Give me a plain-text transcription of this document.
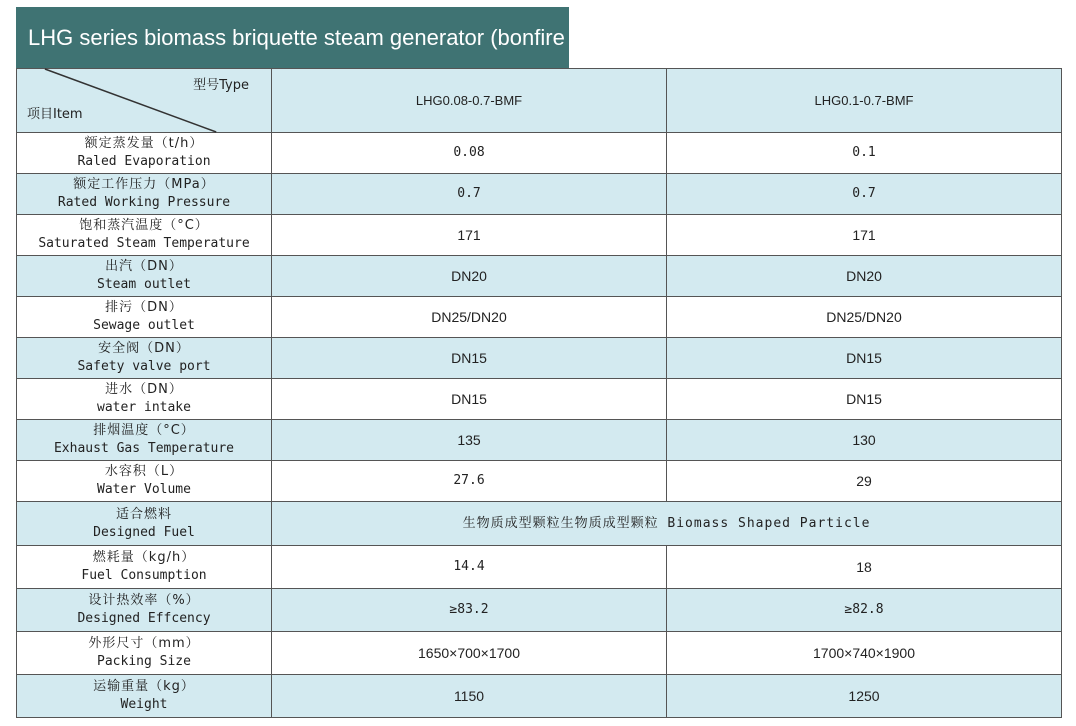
LHG series biomass briquette steam generator (bonfire model)
型号Type
项目Item	LHG0.08-0.7-BMF	LHG0.1-0.7-BMF

额定蒸发量（t/h）
Raled Evaporation	0.08	0.1

额定工作压力（MPa）
Rated Working Pressure	0.7	0.7

饱和蒸汽温度（°C）
Saturated Steam Temperature	171	171

出汽（DN）
Steam outlet	DN20	DN20

排污（DN）
Sewage outlet	DN25/DN20	DN25/DN20

安全阀（DN）
Safety valve port	DN15	DN15

进水（DN）
water intake	DN15	DN15

排烟温度（°C）
Exhaust Gas Temperature	135	130

水容积（L）
Water Volume	27.6	29

适合燃料
Designed Fuel	生物质成型颗粒生物质成型颗粒 Biomass Shaped Particle	

燃耗量（kg/h）
Fuel Consumption	14.4	18

设计热效率（%）
Designed Effcency	≥83.2	≥82.8

外形尺寸（mm）
Packing Size	1650×700×1700	1700×740×1900

运输重量（kg）
Weight	1150	1250
